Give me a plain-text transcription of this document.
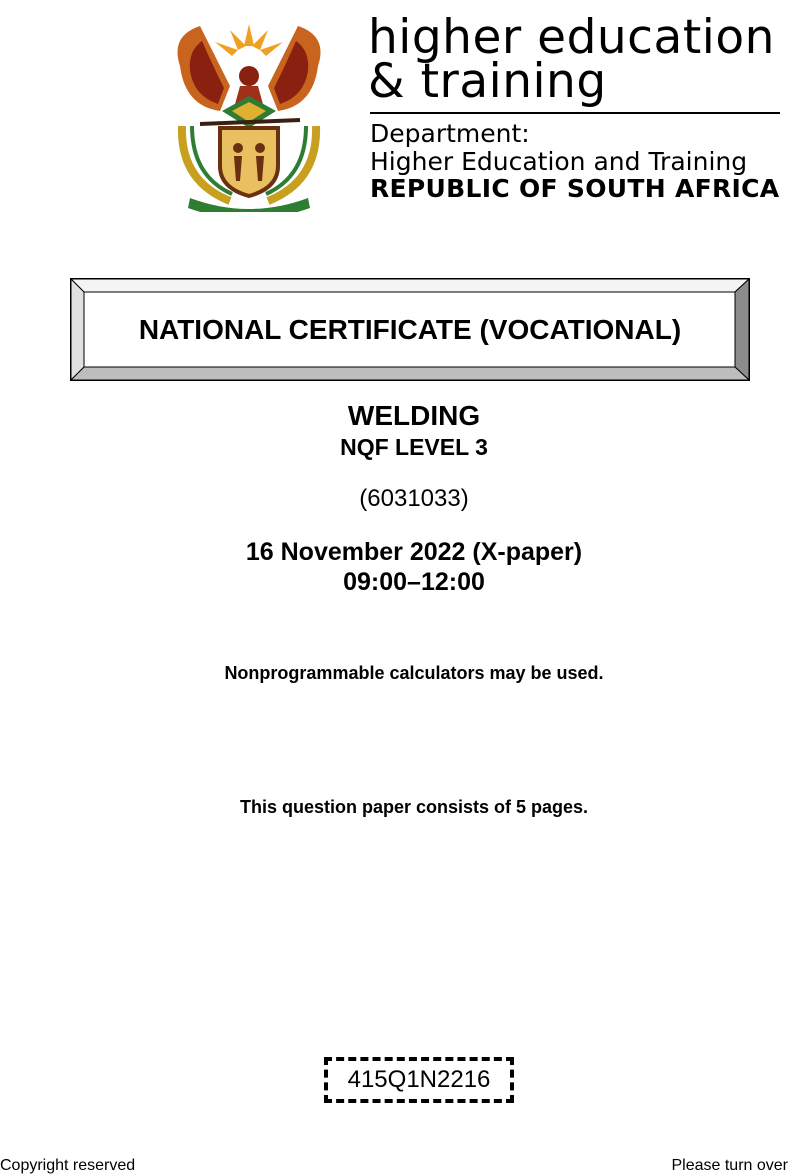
higher education
& training
Department:
Higher Education and Training
REPUBLIC OF SOUTH AFRICA
NATIONAL CERTIFICATE (VOCATIONAL)
WELDING
NQF LEVEL 3
(6031033)
16 November 2022 (X-paper)
09:00–12:00
Nonprogrammable calculators may be used.
This question paper consists of 5 pages.
415Q1N2216
Copyright reserved	Please turn over
